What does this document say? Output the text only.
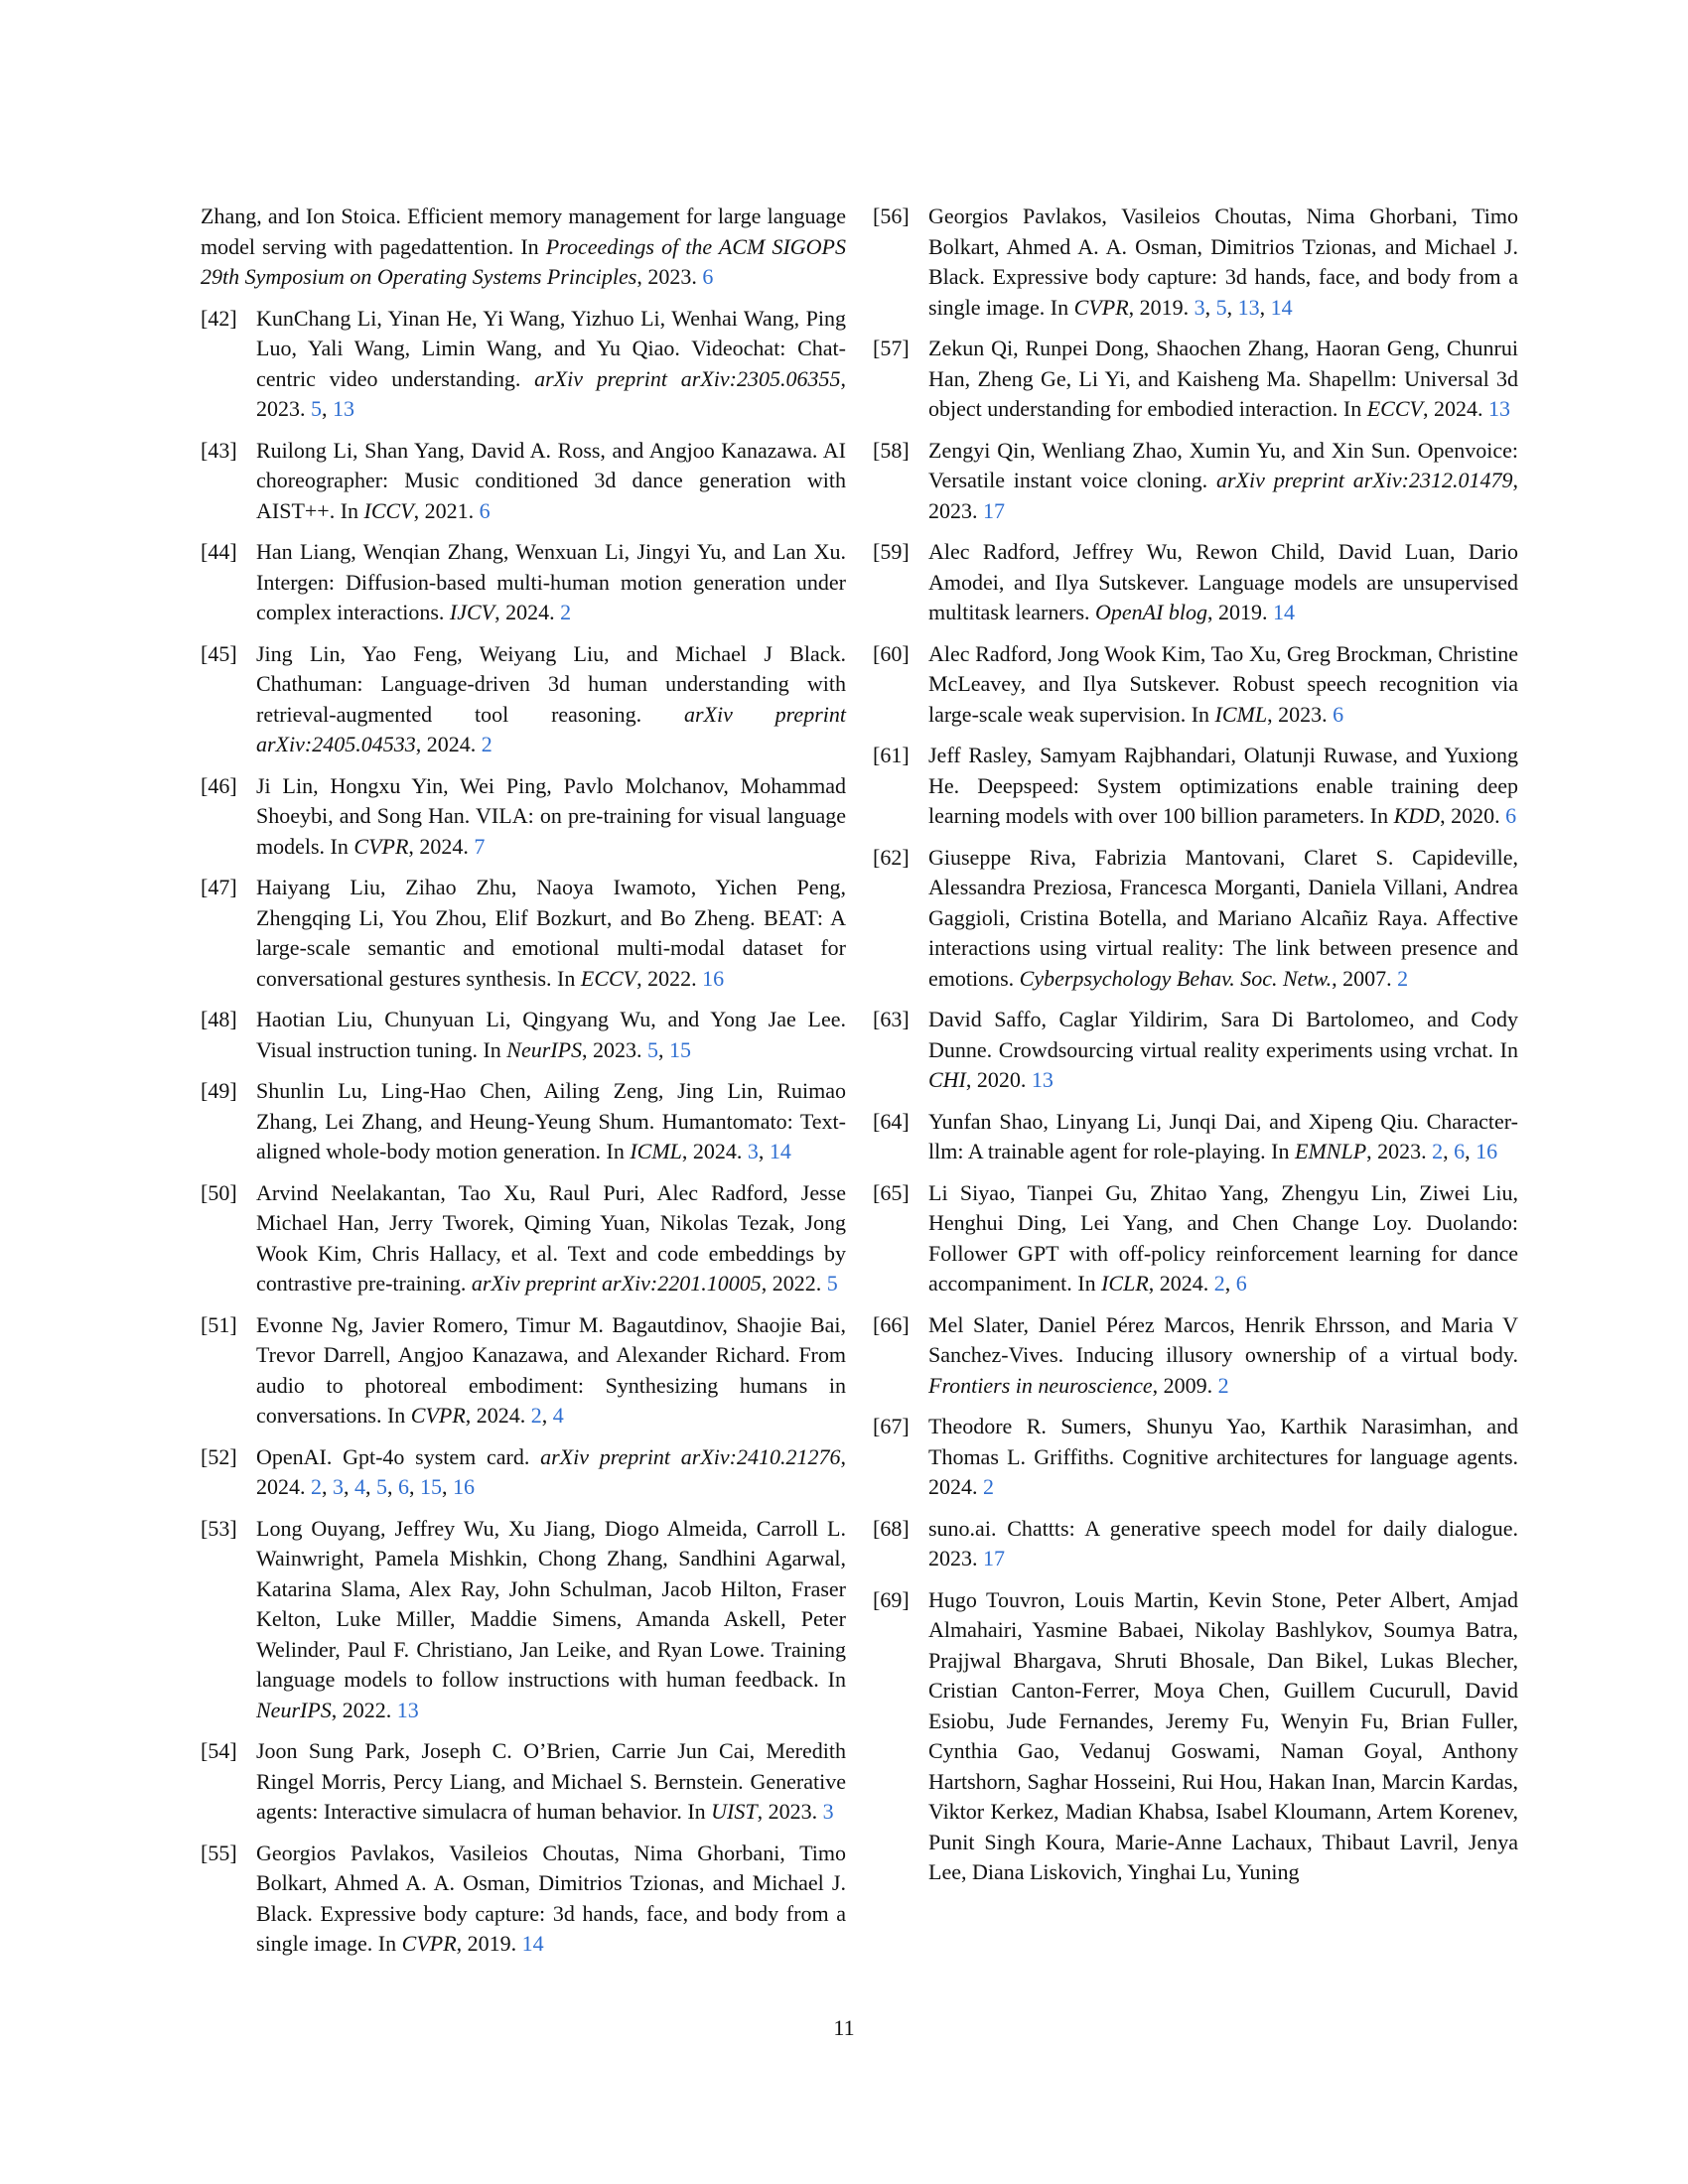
Zhang, and Ion Stoica. Efficient memory management for large language model serving with pagedattention. In Proceedings of the ACM SIGOPS 29th Symposium on Operating Systems Principles, 2023. 6
[42] KunChang Li, Yinan He, Yi Wang, Yizhuo Li, Wenhai Wang, Ping Luo, Yali Wang, Limin Wang, and Yu Qiao. Videochat: Chat-centric video understanding. arXiv preprint arXiv:2305.06355, 2023. 5, 13
[43] Ruilong Li, Shan Yang, David A. Ross, and Angjoo Kanazawa. AI choreographer: Music conditioned 3d dance generation with AIST++. In ICCV, 2021. 6
[44] Han Liang, Wenqian Zhang, Wenxuan Li, Jingyi Yu, and Lan Xu. Intergen: Diffusion-based multi-human motion generation under complex interactions. IJCV, 2024. 2
[45] Jing Lin, Yao Feng, Weiyang Liu, and Michael J Black. Chathuman: Language-driven 3d human understanding with retrieval-augmented tool reasoning. arXiv preprint arXiv:2405.04533, 2024. 2
[46] Ji Lin, Hongxu Yin, Wei Ping, Pavlo Molchanov, Mohammad Shoeybi, and Song Han. VILA: on pre-training for visual language models. In CVPR, 2024. 7
[47] Haiyang Liu, Zihao Zhu, Naoya Iwamoto, Yichen Peng, Zhengqing Li, You Zhou, Elif Bozkurt, and Bo Zheng. BEAT: A large-scale semantic and emotional multi-modal dataset for conversational gestures synthesis. In ECCV, 2022. 16
[48] Haotian Liu, Chunyuan Li, Qingyang Wu, and Yong Jae Lee. Visual instruction tuning. In NeurIPS, 2023. 5, 15
[49] Shunlin Lu, Ling-Hao Chen, Ailing Zeng, Jing Lin, Ruimao Zhang, Lei Zhang, and Heung-Yeung Shum. Humantomato: Text-aligned whole-body motion generation. In ICML, 2024. 3, 14
[50] Arvind Neelakantan, Tao Xu, Raul Puri, Alec Radford, Jesse Michael Han, Jerry Tworek, Qiming Yuan, Nikolas Tezak, Jong Wook Kim, Chris Hallacy, et al. Text and code embeddings by contrastive pre-training. arXiv preprint arXiv:2201.10005, 2022. 5
[51] Evonne Ng, Javier Romero, Timur M. Bagautdinov, Shaojie Bai, Trevor Darrell, Angjoo Kanazawa, and Alexander Richard. From audio to photoreal embodiment: Synthesizing humans in conversations. In CVPR, 2024. 2, 4
[52] OpenAI. Gpt-4o system card. arXiv preprint arXiv:2410.21276, 2024. 2, 3, 4, 5, 6, 15, 16
[53] Long Ouyang, Jeffrey Wu, Xu Jiang, Diogo Almeida, Carroll L. Wainwright, Pamela Mishkin, Chong Zhang, Sandhini Agarwal, Katarina Slama, Alex Ray, John Schulman, Jacob Hilton, Fraser Kelton, Luke Miller, Maddie Simens, Amanda Askell, Peter Welinder, Paul F. Christiano, Jan Leike, and Ryan Lowe. Training language models to follow instructions with human feedback. In NeurIPS, 2022. 13
[54] Joon Sung Park, Joseph C. O’Brien, Carrie Jun Cai, Meredith Ringel Morris, Percy Liang, and Michael S. Bernstein. Generative agents: Interactive simulacra of human behavior. In UIST, 2023. 3
[55] Georgios Pavlakos, Vasileios Choutas, Nima Ghorbani, Timo Bolkart, Ahmed A. A. Osman, Dimitrios Tzionas, and Michael J. Black. Expressive body capture: 3d hands, face, and body from a single image. In CVPR, 2019. 14
[56] Georgios Pavlakos, Vasileios Choutas, Nima Ghorbani, Timo Bolkart, Ahmed A. A. Osman, Dimitrios Tzionas, and Michael J. Black. Expressive body capture: 3d hands, face, and body from a single image. In CVPR, 2019. 3, 5, 13, 14
[57] Zekun Qi, Runpei Dong, Shaochen Zhang, Haoran Geng, Chunrui Han, Zheng Ge, Li Yi, and Kaisheng Ma. Shapellm: Universal 3d object understanding for embodied interaction. In ECCV, 2024. 13
[58] Zengyi Qin, Wenliang Zhao, Xumin Yu, and Xin Sun. Openvoice: Versatile instant voice cloning. arXiv preprint arXiv:2312.01479, 2023. 17
[59] Alec Radford, Jeffrey Wu, Rewon Child, David Luan, Dario Amodei, and Ilya Sutskever. Language models are unsupervised multitask learners. OpenAI blog, 2019. 14
[60] Alec Radford, Jong Wook Kim, Tao Xu, Greg Brockman, Christine McLeavey, and Ilya Sutskever. Robust speech recognition via large-scale weak supervision. In ICML, 2023. 6
[61] Jeff Rasley, Samyam Rajbhandari, Olatunji Ruwase, and Yuxiong He. Deepspeed: System optimizations enable training deep learning models with over 100 billion parameters. In KDD, 2020. 6
[62] Giuseppe Riva, Fabrizia Mantovani, Claret S. Capideville, Alessandra Preziosa, Francesca Morganti, Daniela Villani, Andrea Gaggioli, Cristina Botella, and Mariano Alcañiz Raya. Affective interactions using virtual reality: The link between presence and emotions. Cyberpsychology Behav. Soc. Netw., 2007. 2
[63] David Saffo, Caglar Yildirim, Sara Di Bartolomeo, and Cody Dunne. Crowdsourcing virtual reality experiments using vrchat. In CHI, 2020. 13
[64] Yunfan Shao, Linyang Li, Junqi Dai, and Xipeng Qiu. Character-llm: A trainable agent for role-playing. In EMNLP, 2023. 2, 6, 16
[65] Li Siyao, Tianpei Gu, Zhitao Yang, Zhengyu Lin, Ziwei Liu, Henghui Ding, Lei Yang, and Chen Change Loy. Duolando: Follower GPT with off-policy reinforcement learning for dance accompaniment. In ICLR, 2024. 2, 6
[66] Mel Slater, Daniel Pérez Marcos, Henrik Ehrsson, and Maria V Sanchez-Vives. Inducing illusory ownership of a virtual body. Frontiers in neuroscience, 2009. 2
[67] Theodore R. Sumers, Shunyu Yao, Karthik Narasimhan, and Thomas L. Griffiths. Cognitive architectures for language agents. 2024. 2
[68] suno.ai. Chattts: A generative speech model for daily dialogue. 2023. 17
[69] Hugo Touvron, Louis Martin, Kevin Stone, Peter Albert, Amjad Almahairi, Yasmine Babaei, Nikolay Bashlykov, Soumya Batra, Prajjwal Bhargava, Shruti Bhosale, Dan Bikel, Lukas Blecher, Cristian Canton-Ferrer, Moya Chen, Guillem Cucurull, David Esiobu, Jude Fernandes, Jeremy Fu, Wenyin Fu, Brian Fuller, Cynthia Gao, Vedanuj Goswami, Naman Goyal, Anthony Hartshorn, Saghar Hosseini, Rui Hou, Hakan Inan, Marcin Kardas, Viktor Kerkez, Madian Khabsa, Isabel Kloumann, Artem Korenev, Punit Singh Koura, Marie-Anne Lachaux, Thibaut Lavril, Jenya Lee, Diana Liskovich, Yinghai Lu, Yuning
11
